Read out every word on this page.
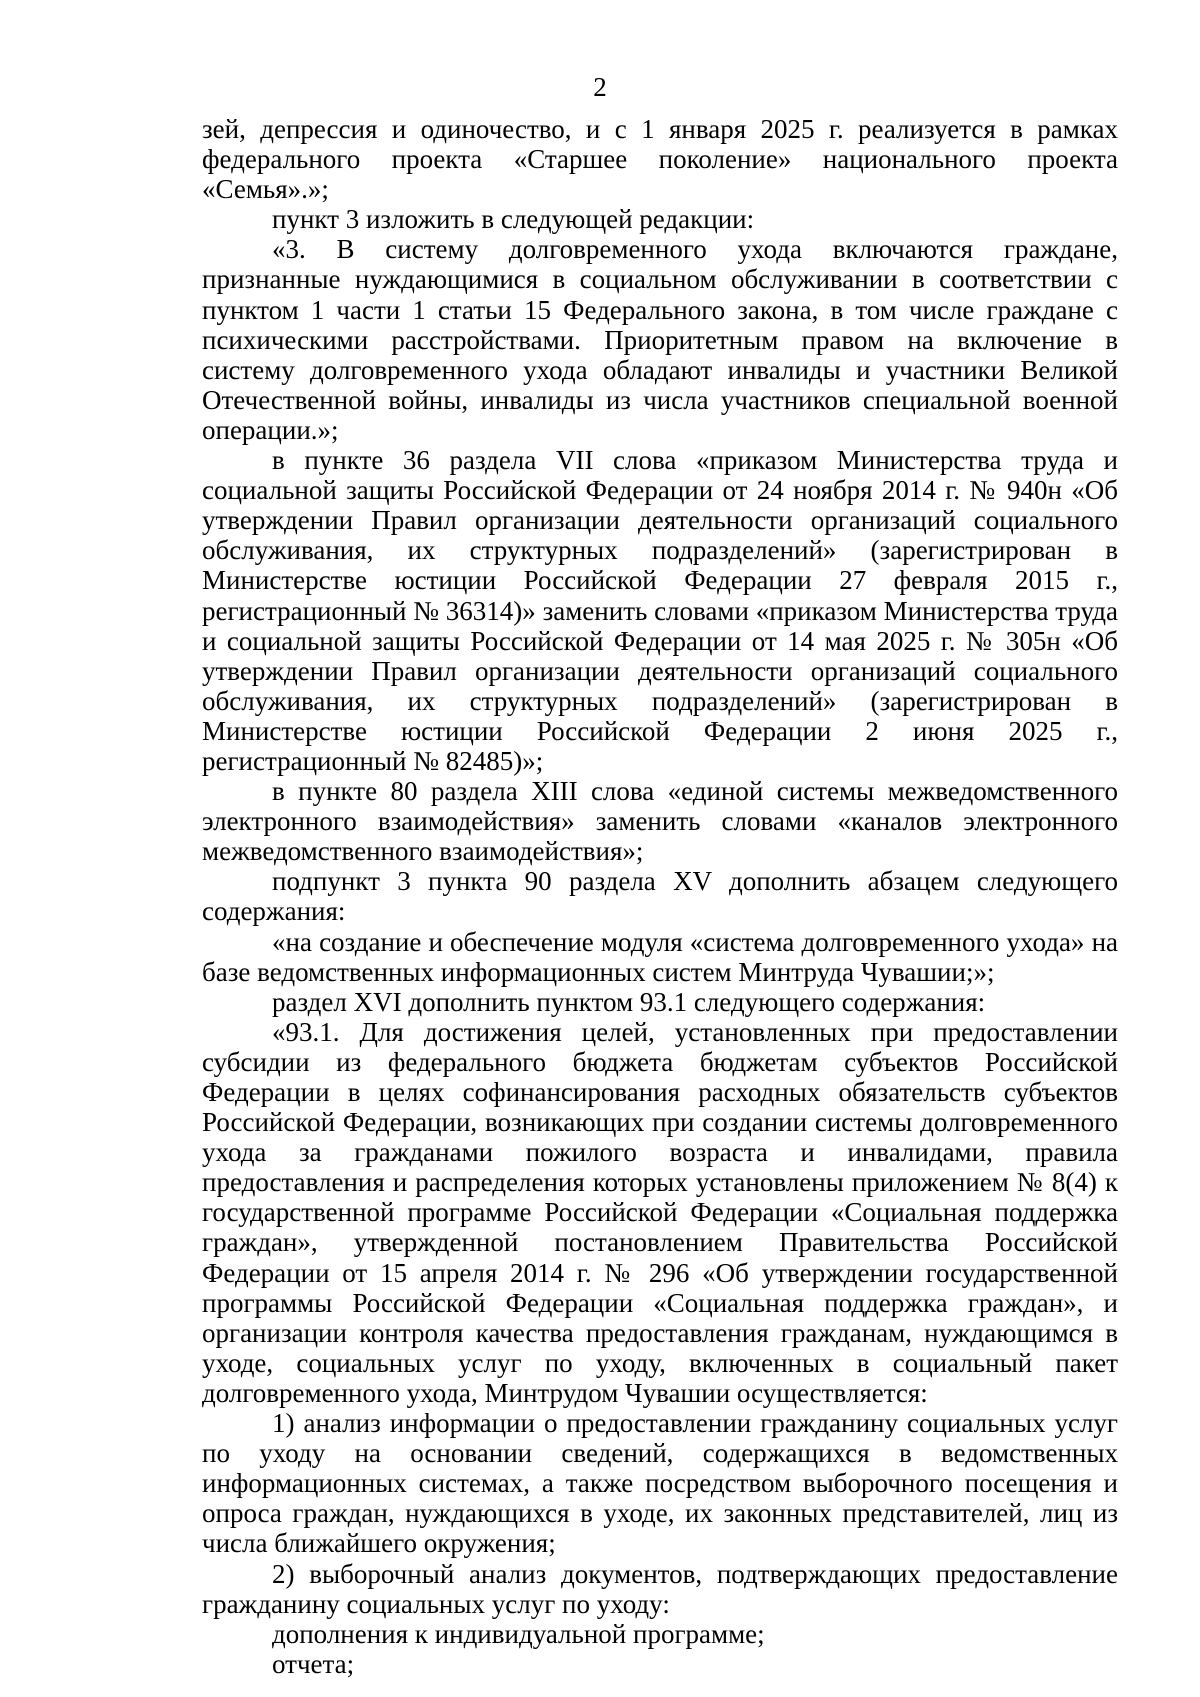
2

зей, депрессия и одиночество, и с 1 января 2025 г. реализуется в рамках федерального проекта «Старшее поколение» национального проекта «Семья».»;

пункт 3 изложить в следующей редакции:

«3. В систему долговременного ухода включаются граждане, признанные нуждающимися в социальном обслуживании в соответствии с пунктом 1 части 1 статьи 15 Федерального закона, в том числе граждане с психическими расстройствами. Приоритетным правом на включение в систему долговременного ухода обладают инвалиды и участники Великой Отечественной войны, инвалиды из числа участников специальной военной операции.»;

в пункте 36 раздела VII слова «приказом Министерства труда и социальной защиты Российской Федерации от 24 ноября 2014 г. № 940н «Об утверждении Правил организации деятельности организаций социального обслуживания, их структурных подразделений» (зарегистрирован в Министерстве юстиции Российской Федерации 27 февраля 2015 г., регистрационный № 36314)» заменить словами «приказом Министерства труда и социальной защиты Российской Федерации от 14 мая 2025 г. № 305н «Об утверждении Правил организации деятельности организаций социального обслуживания, их структурных подразделений» (зарегистрирован в Министерстве юстиции Российской Федерации 2 июня 2025 г., регистрационный № 82485)»;

в пункте 80 раздела XIII слова «единой системы межведомственного электронного взаимодействия» заменить словами «каналов электронного межведомственного взаимодействия»;

подпункт 3 пункта 90 раздела XV дополнить абзацем следующего содержания:

«на создание и обеспечение модуля «система долговременного ухода» на базе ведомственных информационных систем Минтруда Чувашии;»;

раздел XVI дополнить пунктом 93.1 следующего содержания:

«93.1. Для достижения целей, установленных при предоставлении субсидии из федерального бюджета бюджетам субъектов Российской Федерации в целях софинансирования расходных обязательств субъектов Российской Федерации, возникающих при создании системы долговременного ухода за гражданами пожилого возраста и инвалидами, правила предоставления и распределения которых установлены приложением № 8(4) к государственной программе Российской Федерации «Социальная поддержка граждан», утвержденной постановлением Правительства Российской Федерации от 15 апреля 2014 г. № 296 «Об утверждении государственной программы Российской Федерации «Социальная поддержка граждан», и организации контроля качества предоставления гражданам, нуждающимся в уходе, социальных услуг по уходу, включенных в социальный пакет долговременного ухода, Минтрудом Чувашии осуществляется:

1) анализ информации о предоставлении гражданину социальных услуг по уходу на основании сведений, содержащихся в ведомственных информационных системах, а также посредством выборочного посещения и опроса граждан, нуждающихся в уходе, их законных представителей, лиц из числа ближайшего окружения;

2) выборочный анализ документов, подтверждающих предоставление гражданину социальных услуг по уходу:

дополнения к индивидуальной программе;

отчета;
